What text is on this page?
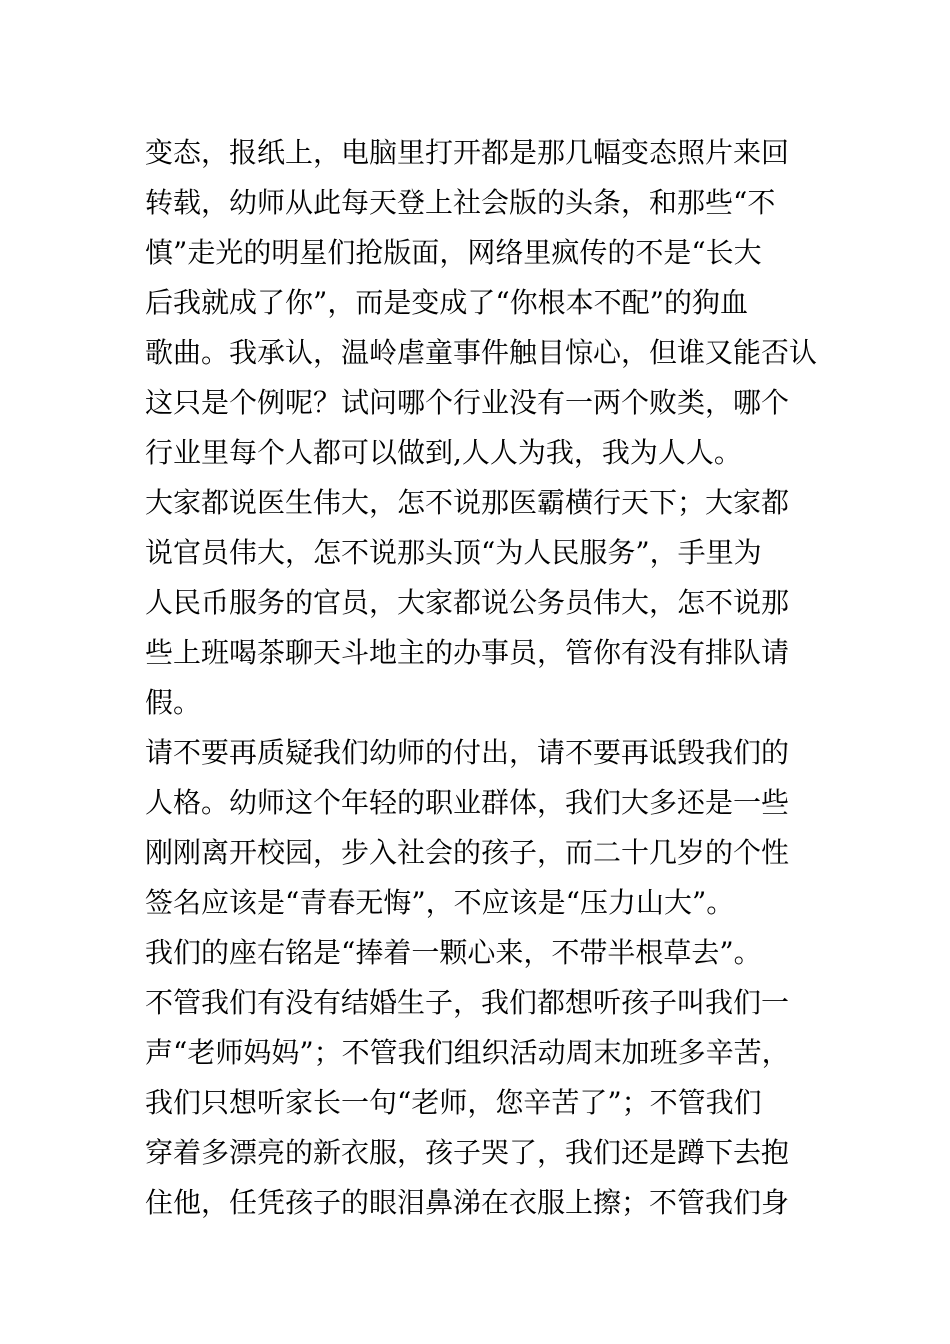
变态，报纸上，电脑里打开都是那几幅变态照片来回

转载，幼师从此每天登上社会版的头条，和那些“不

慎”走光的明星们抢版面，网络里疯传的不是“长大

后我就成了你”，而是变成了“你根本不配”的狗血

歌曲。我承认，温岭虐童事件触目惊心，但谁又能否认

这只是个例呢？试问哪个行业没有一两个败类，哪个

行业里每个人都可以做到,人人为我，我为人人。

大家都说医生伟大，怎不说那医霸横行天下；大家都

说官员伟大，怎不说那头顶“为人民服务”，手里为

人民币服务的官员，大家都说公务员伟大，怎不说那

些上班喝茶聊天斗地主的办事员，管你有没有排队请

假。

请不要再质疑我们幼师的付出，请不要再诋毁我们的

人格。幼师这个年轻的职业群体，我们大多还是一些

刚刚离开校园，步入社会的孩子，而二十几岁的个性

签名应该是“青春无悔”，不应该是“压力山大”。

我们的座右铭是“捧着一颗心来，不带半根草去”。

不管我们有没有结婚生子，我们都想听孩子叫我们一

声“老师妈妈”；不管我们组织活动周末加班多辛苦，

我们只想听家长一句“老师，您辛苦了”；不管我们

穿着多漂亮的新衣服，孩子哭了，我们还是蹲下去抱

住他，任凭孩子的眼泪鼻涕在衣服上擦；不管我们身
